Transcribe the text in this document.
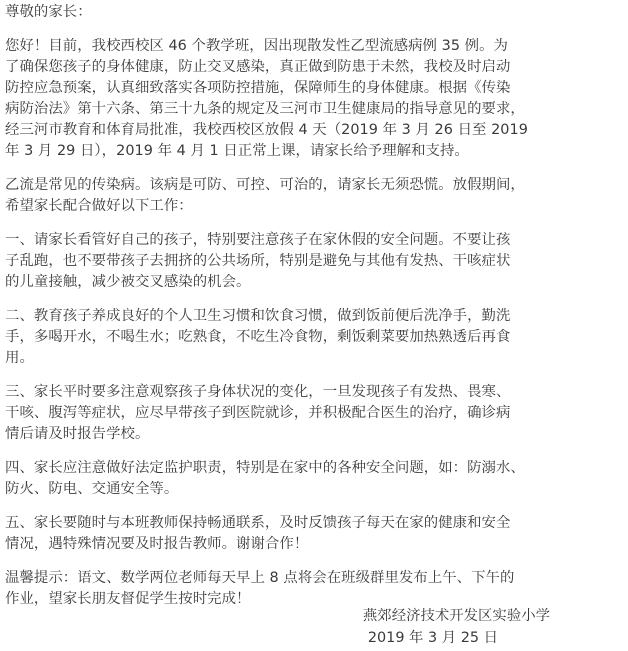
尊敬的家长：
您好！目前，我校西校区 46 个教学班，因出现散发性乙型流感病例 35 例。为
了确保您孩子的身体健康，防止交叉感染，真正做到防患于未然，我校及时启动
防控应急预案，认真细致落实各项防控措施，保障师生的身体健康。根据《传染
病防治法》第十六条、第三十九条的规定及三河市卫生健康局的指导意见的要求，
经三河市教育和体育局批准，我校西校区放假 4 天（2019 年 3 月 26 日至 2019
年 3 月 29 日），2019 年 4 月 1 日正常上课，请家长给予理解和支持。
乙流是常见的传染病。该病是可防、可控、可治的，请家长无须恐慌。放假期间，
希望家长配合做好以下工作：
一、请家长看管好自己的孩子，特别要注意孩子在家休假的安全问题。不要让孩
子乱跑，也不要带孩子去拥挤的公共场所，特别是避免与其他有发热、干咳症状
的儿童接触，减少被交叉感染的机会。
二、教育孩子养成良好的个人卫生习惯和饮食习惯，做到饭前便后洗净手，勤洗
手，多喝开水，不喝生水；吃熟食，不吃生冷食物，剩饭剩菜要加热熟透后再食
用。
三、家长平时要多注意观察孩子身体状况的变化，一旦发现孩子有发热、畏寒、
干咳、腹泻等症状，应尽早带孩子到医院就诊，并积极配合医生的治疗，确诊病
情后请及时报告学校。
四、家长应注意做好法定监护职责，特别是在家中的各种安全问题，如：防溺水、
防火、防电、交通安全等。
五、家长要随时与本班教师保持畅通联系，及时反馈孩子每天在家的健康和安全
情况，遇特殊情况要及时报告教师。谢谢合作！
温馨提示：语文、数学两位老师每天早上 8 点将会在班级群里发布上午、下午的
作业，望家长朋友督促学生按时完成！
燕郊经济技术开发区实验小学
2019 年 3 月 25 日
